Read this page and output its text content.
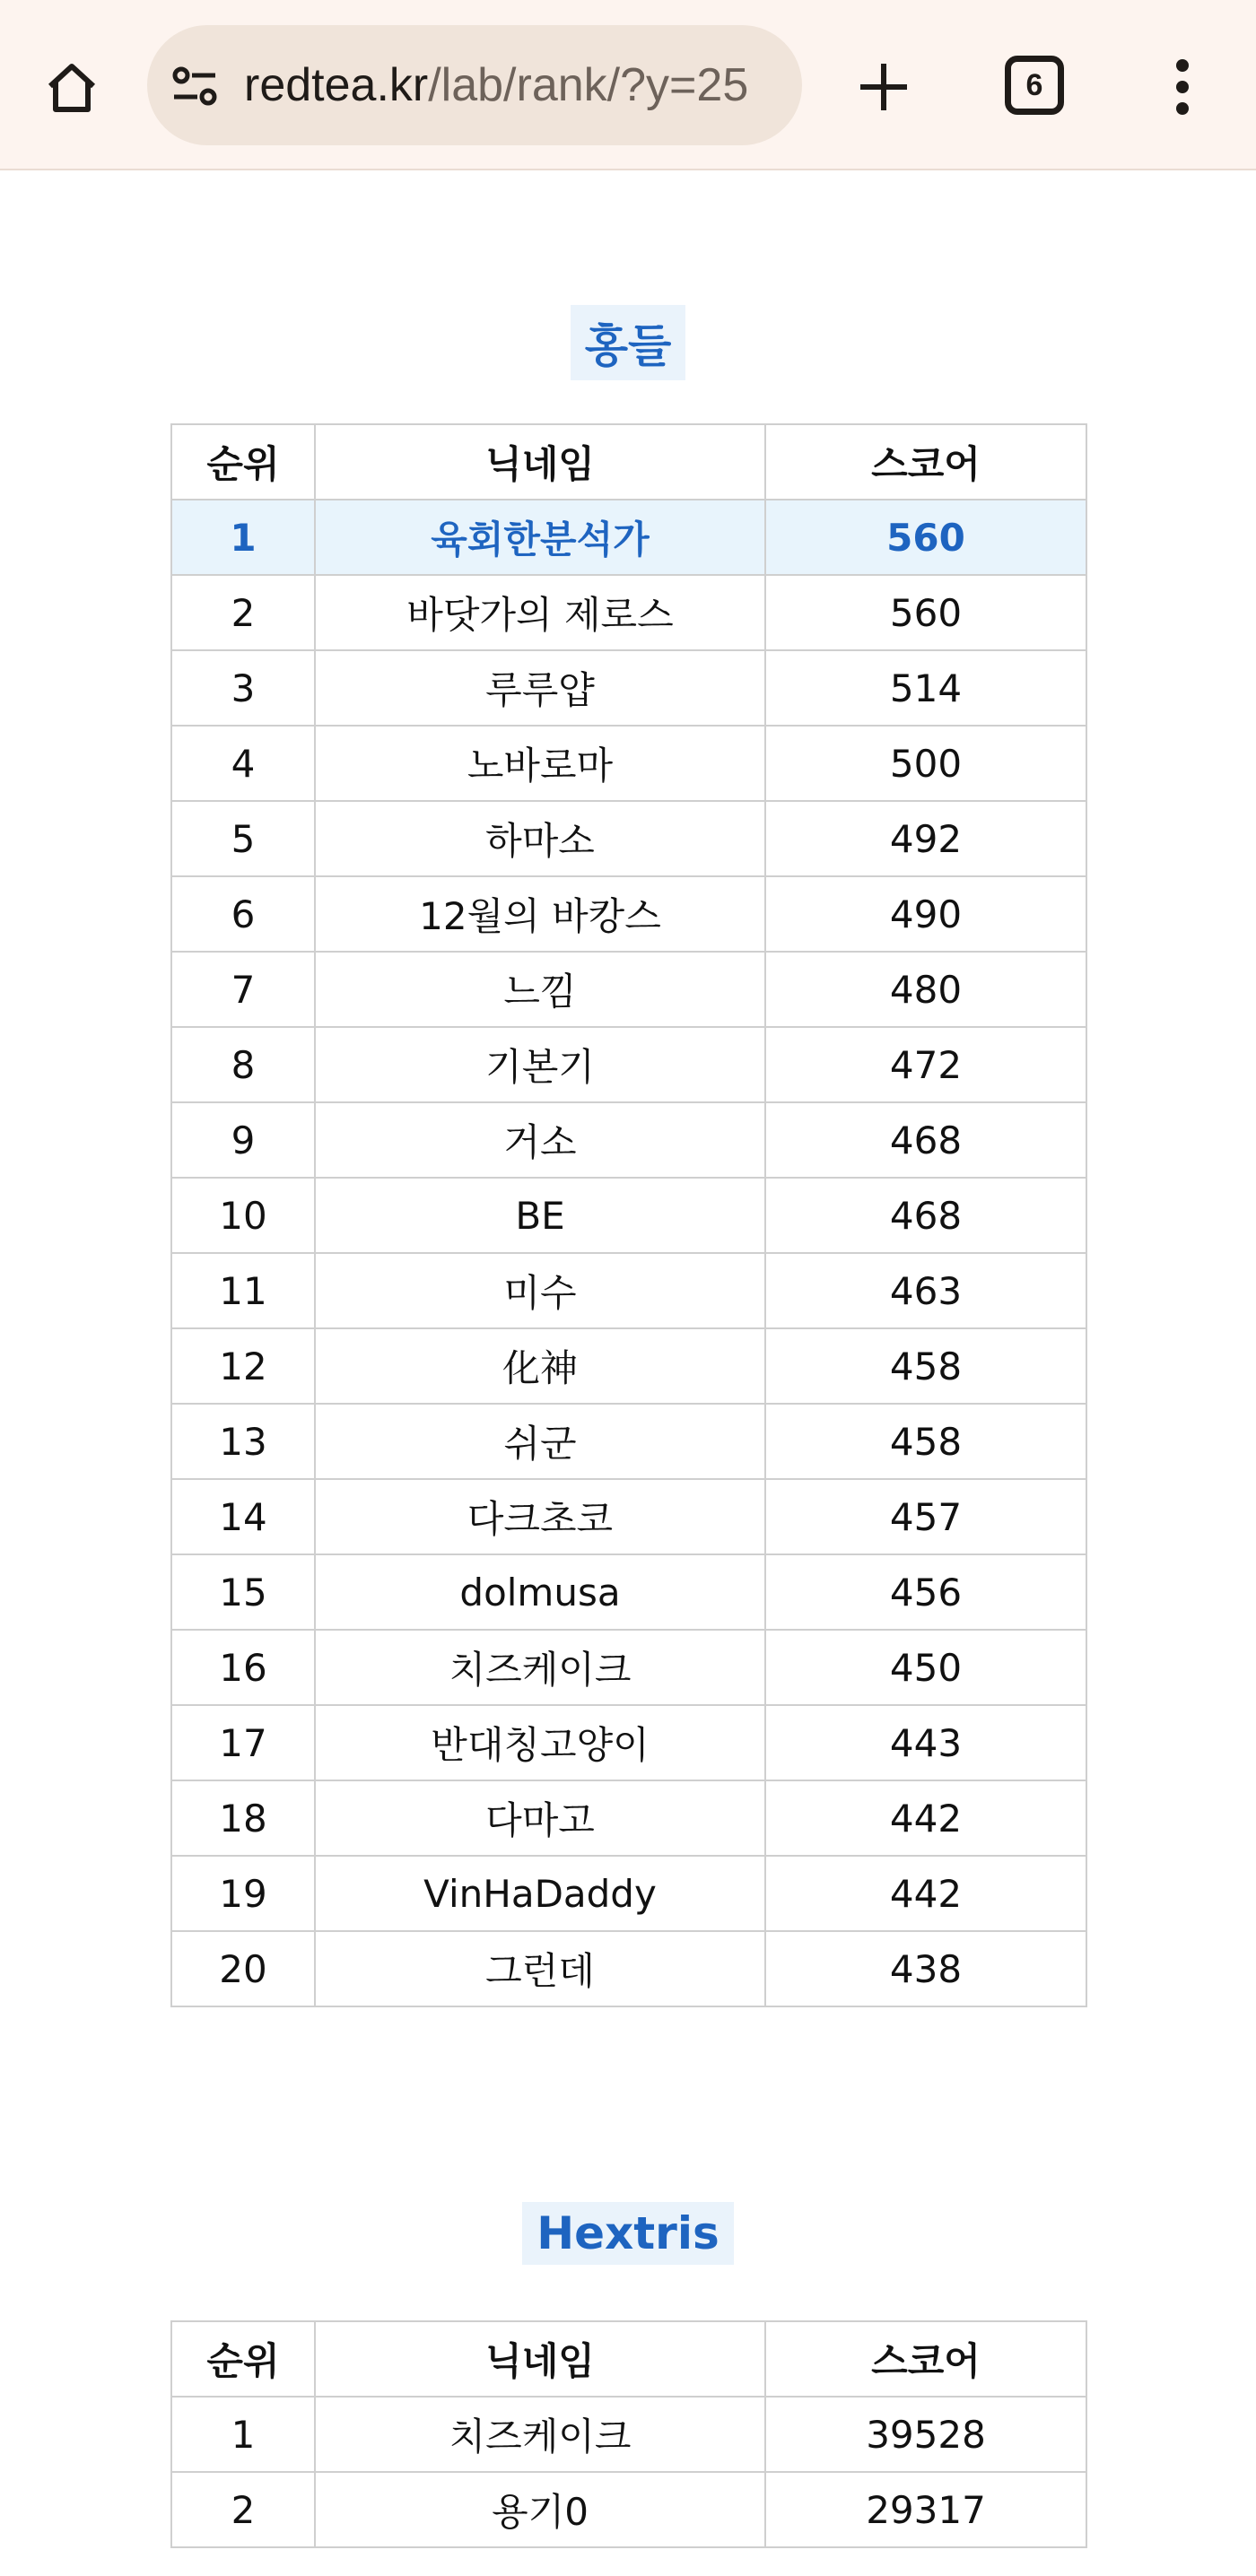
redtea.kr/lab/rank/?y=25	6
홍들
순위	닉네임	스코어
1	육회한분석가	560
2	바닷가의 제로스	560
3	루루얍	514
4	노바로마	500
5	하마소	492
6	12월의 바캉스	490
7	느낌	480
8	기본기	472
9	거소	468
10	BE	468
11	미수	463
12	化神	458
13	쉬군	458
14	다크초코	457
15	dolmusa	456
16	치즈케이크	450
17	반대칭고양이	443
18	다마고	442
19	VinHaDaddy	442
20	그런데	438
Hextris
순위	닉네임	스코어
1	치즈케이크	39528
2	용기0	29317
